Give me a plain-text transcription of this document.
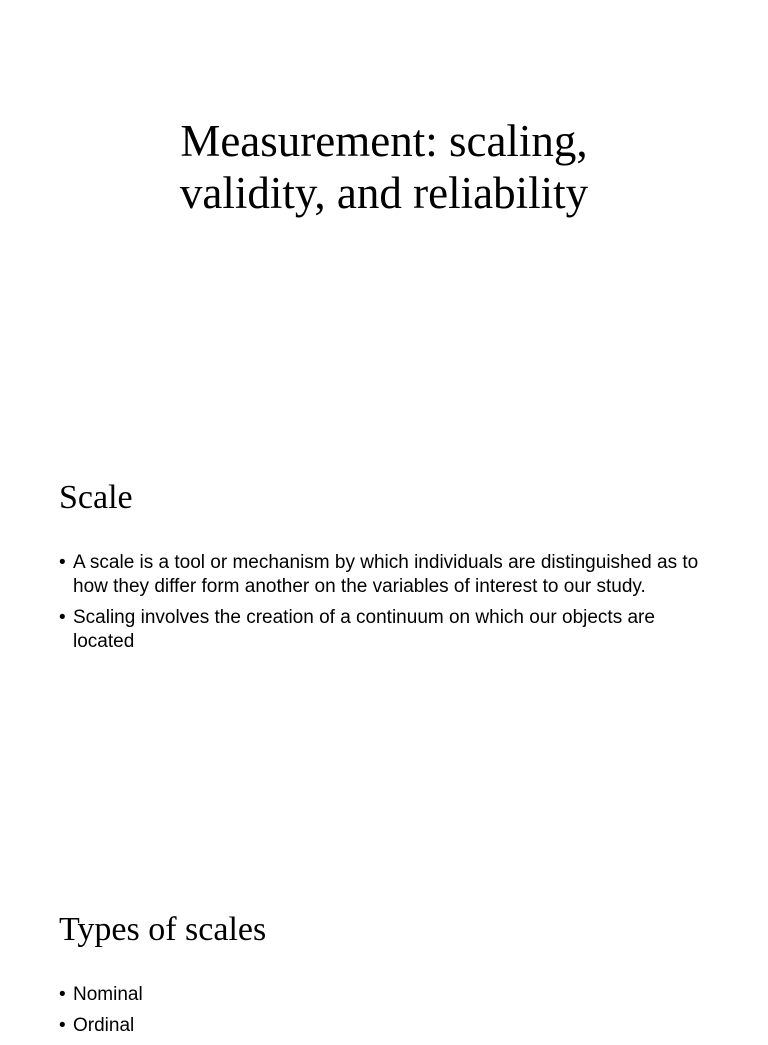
Measurement: scaling,
validity, and reliability
Scale
• A scale is a tool or mechanism by which individuals are distinguished as to how they differ form another on the variables of interest to our study.
• Scaling involves the creation of a continuum on which our objects are located
Types of scales
• Nominal
• Ordinal
